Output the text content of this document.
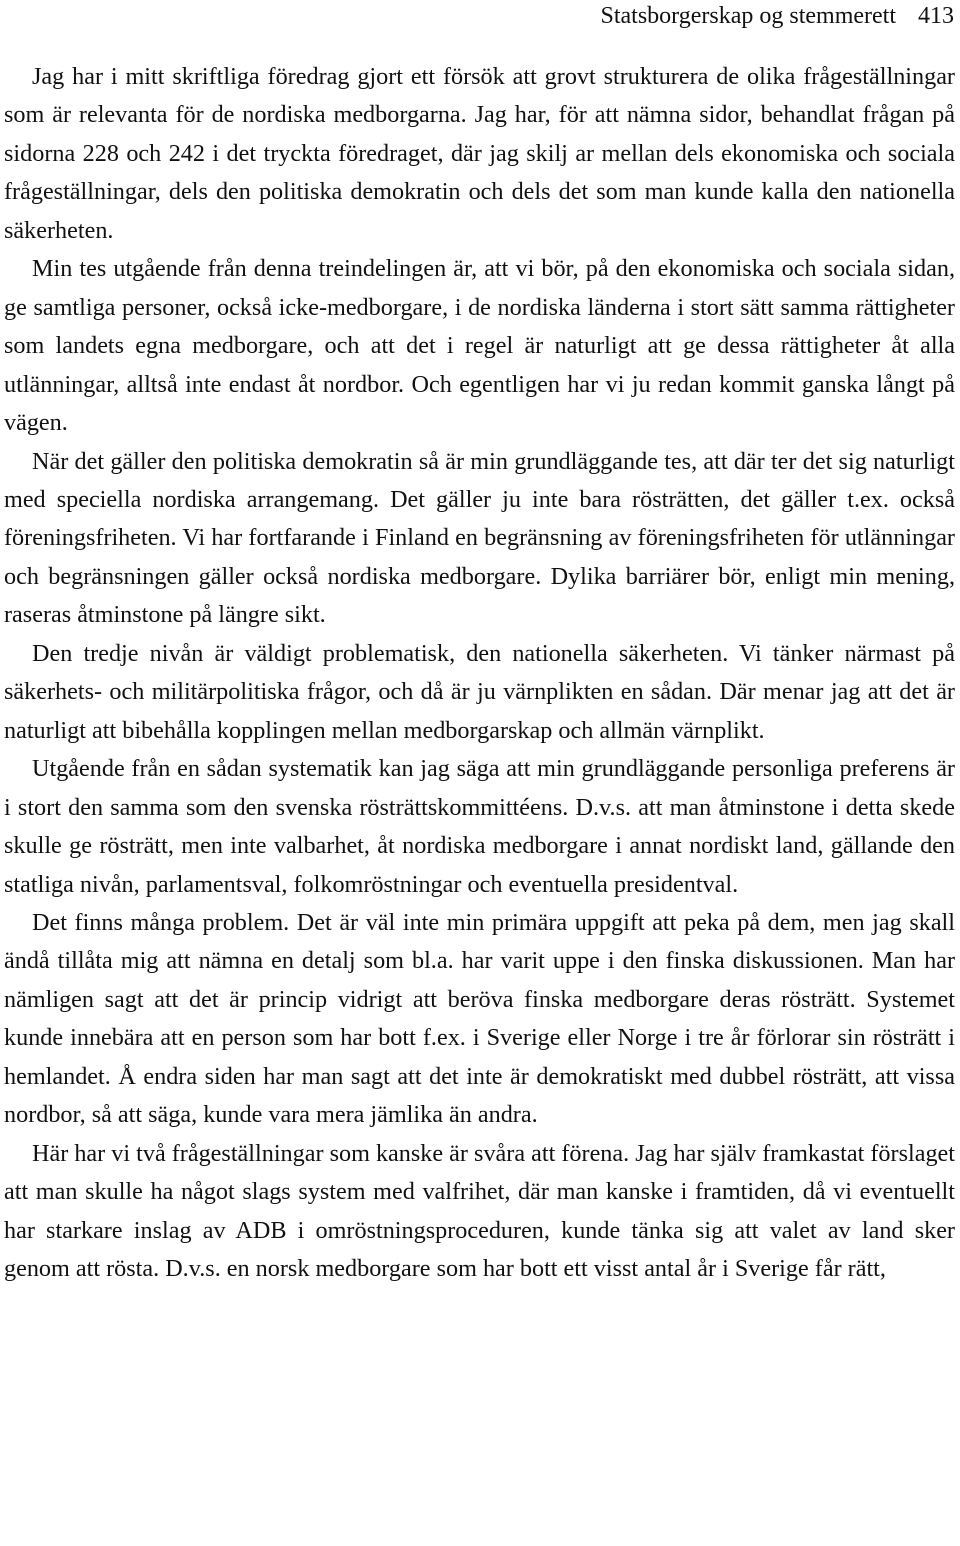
Statsborgerskap og stemmerett 413

Jag har i mitt skriftliga föredrag gjort ett försök att grovt strukturera de olika frågeställningar som är relevanta för de nordiska medborgarna. Jag har, för att nämna sidor, behandlat frågan på sidorna 228 och 242 i det tryckta föredraget, där jag skilj ar mellan dels ekonomiska och sociala frågeställningar, dels den politiska demokratin och dels det som man kunde kalla den nationella säkerheten.

Min tes utgående från denna treindelingen är, att vi bör, på den ekonomiska och sociala sidan, ge samtliga personer, också icke-medborgare, i de nordiska länderna i stort sätt samma rättigheter som landets egna medborgare, och att det i regel är naturligt att ge dessa rättigheter åt alla utlänningar, alltså inte endast åt nordbor. Och egentligen har vi ju redan kommit ganska långt på vägen.

När det gäller den politiska demokratin så är min grundläggande tes, att där ter det sig naturligt med speciella nordiska arrangemang. Det gäller ju inte bara rösträtten, det gäller t.ex. också föreningsfriheten. Vi har fortfarande i Finland en begränsning av föreningsfriheten för utlänningar och begränsningen gäller också nordiska medborgare. Dylika barriärer bör, enligt min mening, raseras åtminstone på längre sikt.

Den tredje nivån är väldigt problematisk, den nationella säkerheten. Vi tänker närmast på säkerhets- och militärpolitiska frågor, och då är ju värnplikten en sådan. Där menar jag att det är naturligt att bibehålla kopplingen mellan medborgarskap och allmän värnplikt.

Utgående från en sådan systematik kan jag säga att min grundläggande personliga preferens är i stort den samma som den svenska rösträttskommittéens. D.v.s. att man åtminstone i detta skede skulle ge rösträtt, men inte valbarhet, åt nordiska medborgare i annat nordiskt land, gällande den statliga nivån, parlamentsval, folkomröstningar och eventuella presidentval.

Det finns många problem. Det är väl inte min primära uppgift att peka på dem, men jag skall ändå tillåta mig att nämna en detalj som bl.a. har varit uppe i den finska diskussionen. Man har nämligen sagt att det är princip vidrigt att beröva finska medborgare deras rösträtt. Systemet kunde innebära att en person som har bott f.ex. i Sverige eller Norge i tre år förlorar sin rösträtt i hemlandet. Å endra siden har man sagt att det inte är demokratiskt med dubbel rösträtt, att vissa nordbor, så att säga, kunde vara mera jämlika än andra.

Här har vi två frågeställningar som kanske är svåra att förena. Jag har själv framkastat förslaget att man skulle ha något slags system med valfrihet, där man kanske i framtiden, då vi eventuellt har starkare inslag av ADB i omröstningsproceduren, kunde tänka sig att valet av land sker genom att rösta. D.v.s. en norsk medborgare som har bott ett visst antal år i Sverige får rätt,
